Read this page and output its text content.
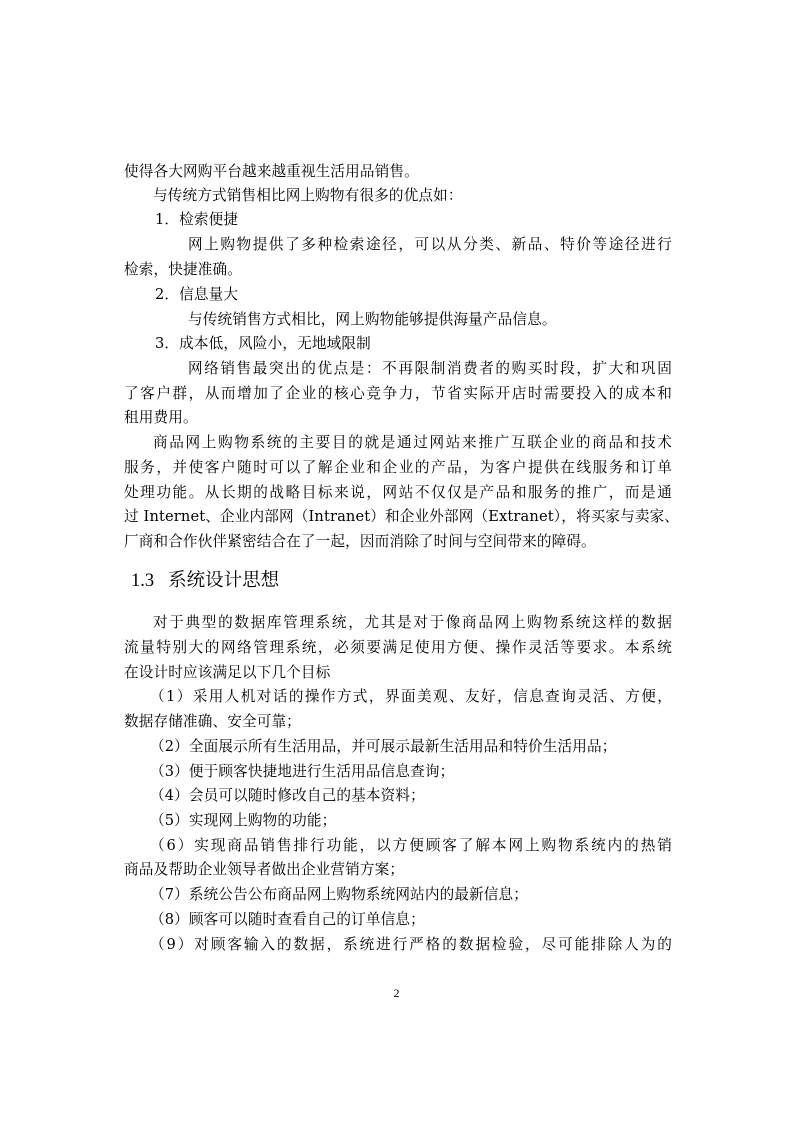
使得各大网购平台越来越重视生活用品销售。
与传统方式销售相比网上购物有很多的优点如：
1．检索便捷
网上购物提供了多种检索途径，可以从分类、新品、特价等途径进行
检索，快捷准确。
2．信息量大
与传统销售方式相比，网上购物能够提供海量产品信息。
3．成本低，风险小，无地域限制
网络销售最突出的优点是：不再限制消费者的购买时段，扩大和巩固
了客户群，从而增加了企业的核心竞争力，节省实际开店时需要投入的成本和
租用费用。
商品网上购物系统的主要目的就是通过网站来推广互联企业的商品和技术
服务，并使客户随时可以了解企业和企业的产品，为客户提供在线服务和订单
处理功能。从长期的战略目标来说，网站不仅仅是产品和服务的推广，而是通
过 Internet、企业内部网（Intranet）和企业外部网（Extranet），将买家与卖家、
厂商和合作伙伴紧密结合在了一起，因而消除了时间与空间带来的障碍。
1.3 系统设计思想
对于典型的数据库管理系统，尤其是对于像商品网上购物系统这样的数据
流量特别大的网络管理系统，必须要满足使用方便、操作灵活等要求。本系统
在设计时应该满足以下几个目标
（1）采用人机对话的操作方式，界面美观、友好，信息查询灵活、方便，
数据存储准确、安全可靠；
（2）全面展示所有生活用品，并可展示最新生活用品和特价生活用品；
（3）便于顾客快捷地进行生活用品信息查询；
（4）会员可以随时修改自己的基本资料；
（5）实现网上购物的功能；
（6）实现商品销售排行功能，以方便顾客了解本网上购物系统内的热销
商品及帮助企业领导者做出企业营销方案；
（7）系统公告公布商品网上购物系统网站内的最新信息；
（8）顾客可以随时查看自己的订单信息；
（9）对顾客输入的数据，系统进行严格的数据检验，尽可能排除人为的
2
